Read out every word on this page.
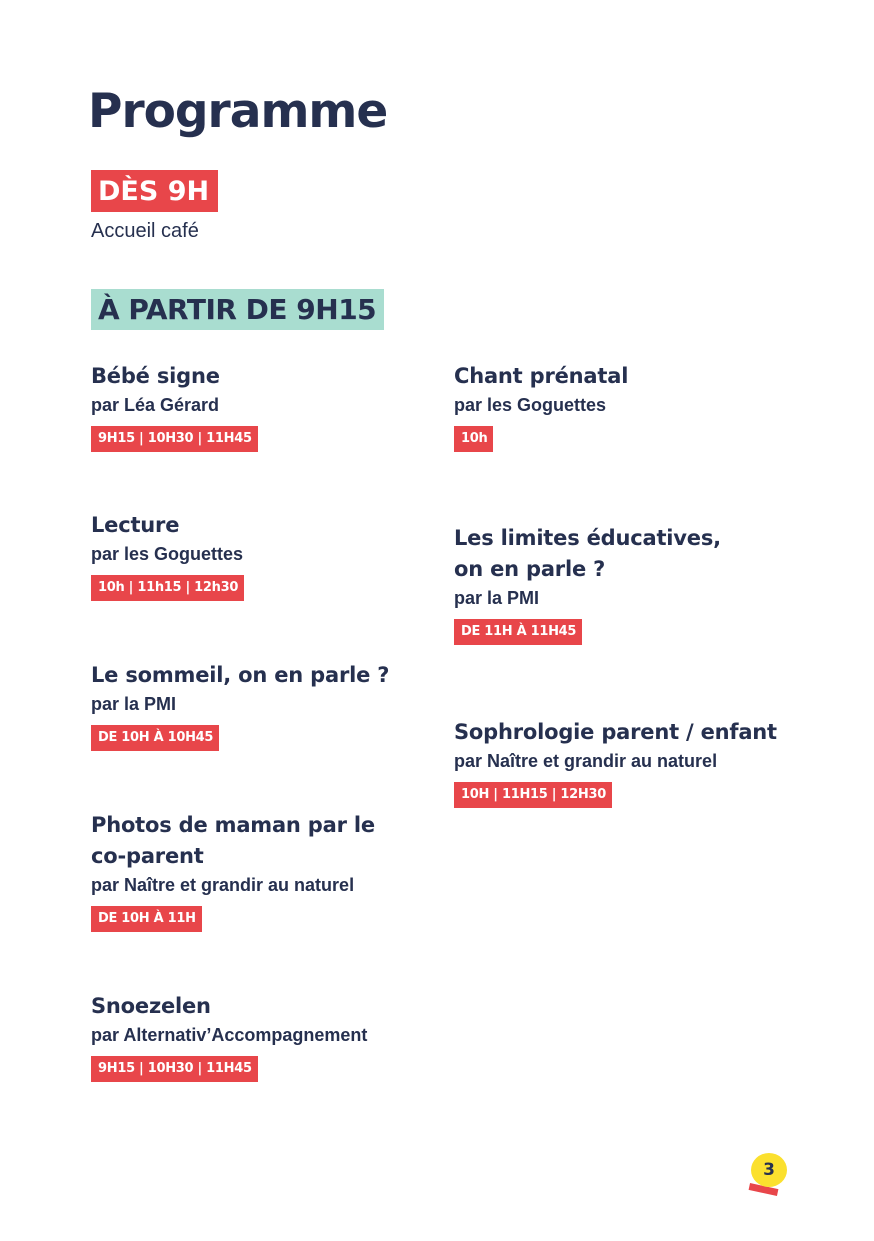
Programme
DÈS 9H
Accueil café
À PARTIR DE 9H15
Bébé signe
par Léa Gérard
9H15 | 10H30 | 11H45
Lecture
par les Goguettes
10h | 11h15 | 12h30
Le sommeil, on en parle ?
par la PMI
DE 10H À 10H45
Photos de maman par le
co-parent
par Naître et grandir au naturel
DE 10H À 11H
Snoezelen
par Alternativ’Accompagnement
9H15 | 10H30 | 11H45
Chant prénatal
par les Goguettes
10h
Les limites éducatives,
on en parle ?
par la PMI
DE 11H À 11H45
Sophrologie parent / enfant
par Naître et grandir au naturel
10H | 11H15 | 12H30
3
